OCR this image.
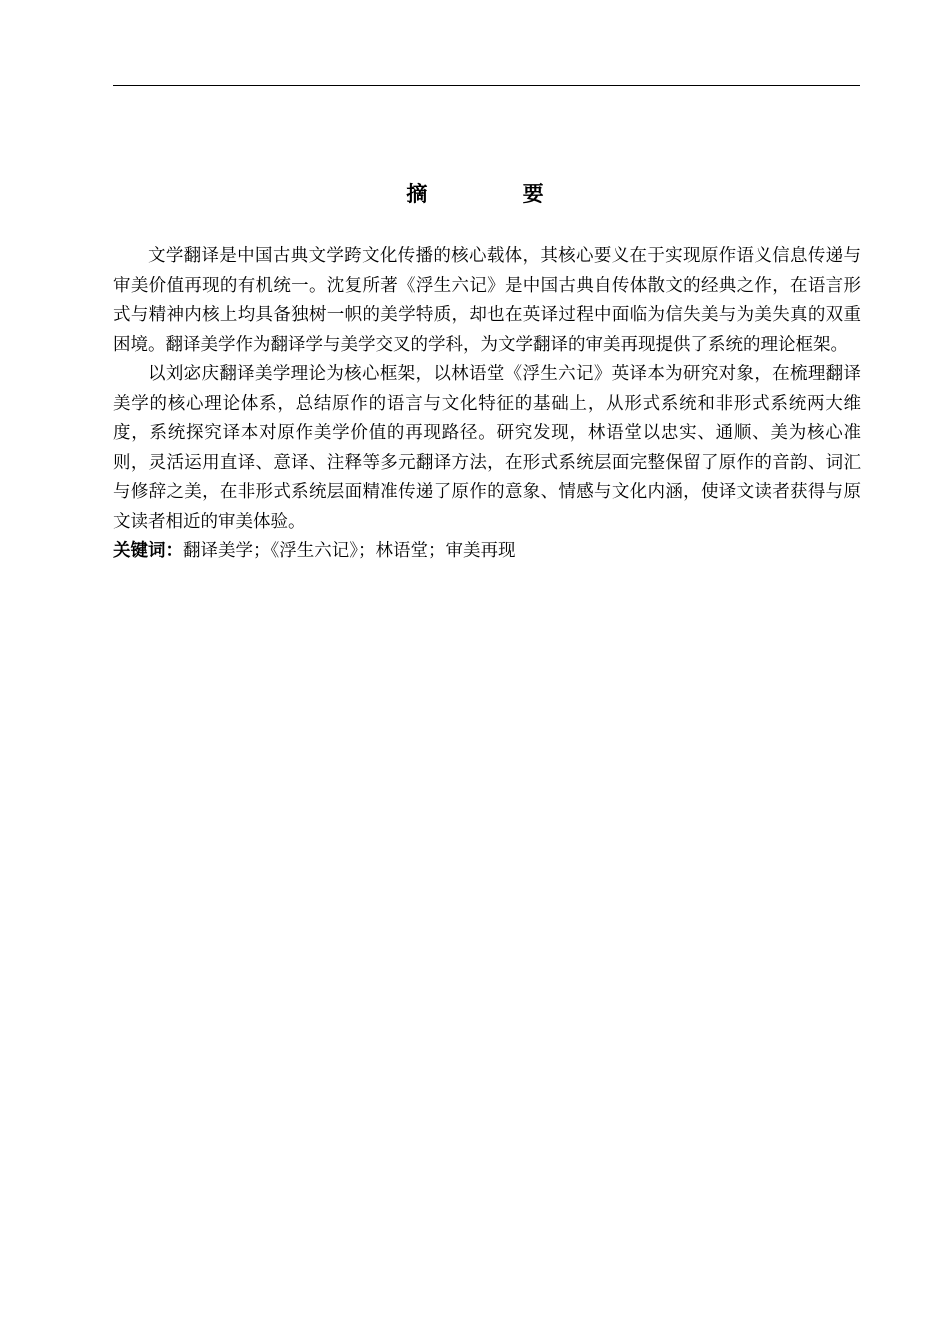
摘 要

文学翻译是中国古典文学跨文化传播的核心载体，其核心要义在于实现原作语义信息传递与审美价值再现的有机统一。沈复所著《浮生六记》是中国古典自传体散文的经典之作，在语言形式与精神内核上均具备独树一帜的美学特质，却也在英译过程中面临为信失美与为美失真的双重困境。翻译美学作为翻译学与美学交叉的学科，为文学翻译的审美再现提供了系统的理论框架。

以刘宓庆翻译美学理论为核心框架，以林语堂《浮生六记》英译本为研究对象，在梳理翻译美学的核心理论体系，总结原作的语言与文化特征的基础上，从形式系统和非形式系统两大维度，系统探究译本对原作美学价值的再现路径。研究发现，林语堂以忠实、通顺、美为核心准则，灵活运用直译、意译、注释等多元翻译方法，在形式系统层面完整保留了原作的音韵、词汇与修辞之美，在非形式系统层面精准传递了原作的意象、情感与文化内涵，使译文读者获得与原文读者相近的审美体验。

关键词：翻译美学；《浮生六记》；林语堂；审美再现
